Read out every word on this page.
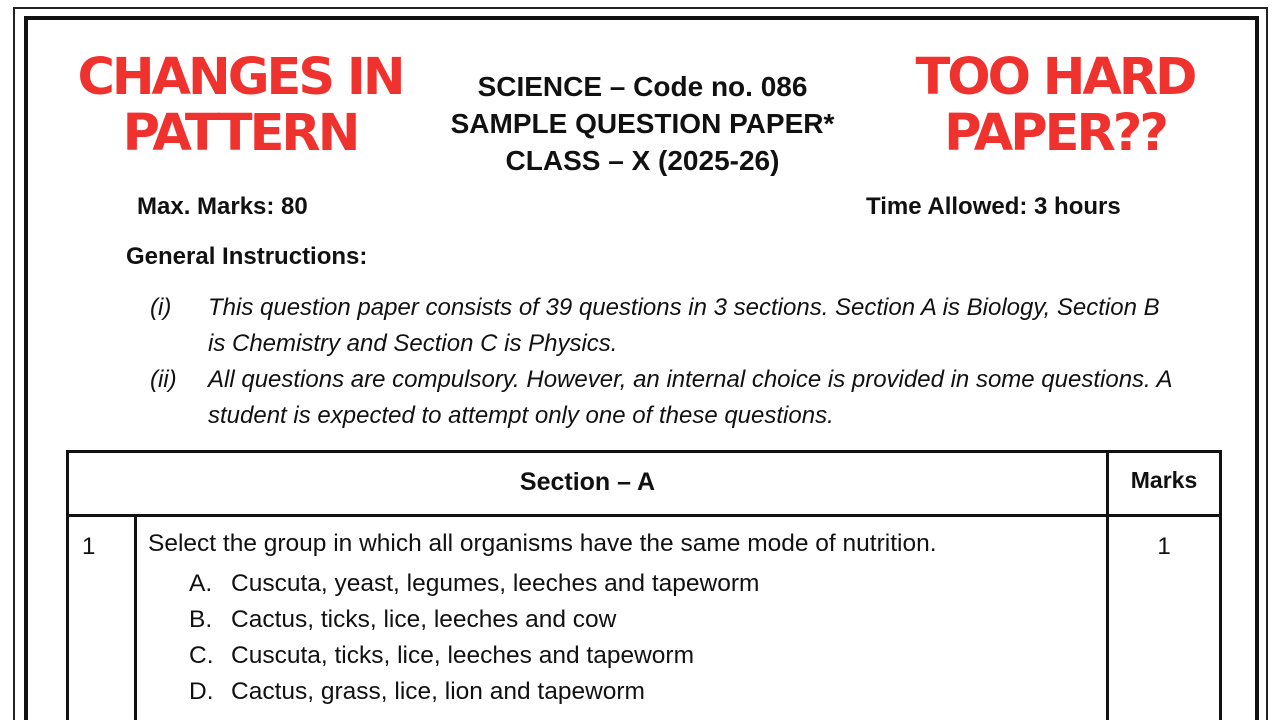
CHANGES IN
PATTERN
TOO HARD
PAPER??
SCIENCE – Code no. 086
SAMPLE QUESTION PAPER*
CLASS – X (2025-26)
Max. Marks: 80	Time Allowed: 3 hours
General Instructions:
(i) This question paper consists of 39 questions in 3 sections. Section A is Biology, Section B is Chemistry and Section C is Physics.
(ii) All questions are compulsory. However, an internal choice is provided in some questions. A student is expected to attempt only one of these questions.
Section – A	Marks
1 Select the group in which all organisms have the same mode of nutrition.	1
A. Cuscuta, yeast, legumes, leeches and tapeworm
B. Cactus, ticks, lice, leeches and cow
C. Cuscuta, ticks, lice, leeches and tapeworm
D. Cactus, grass, lice, lion and tapeworm
